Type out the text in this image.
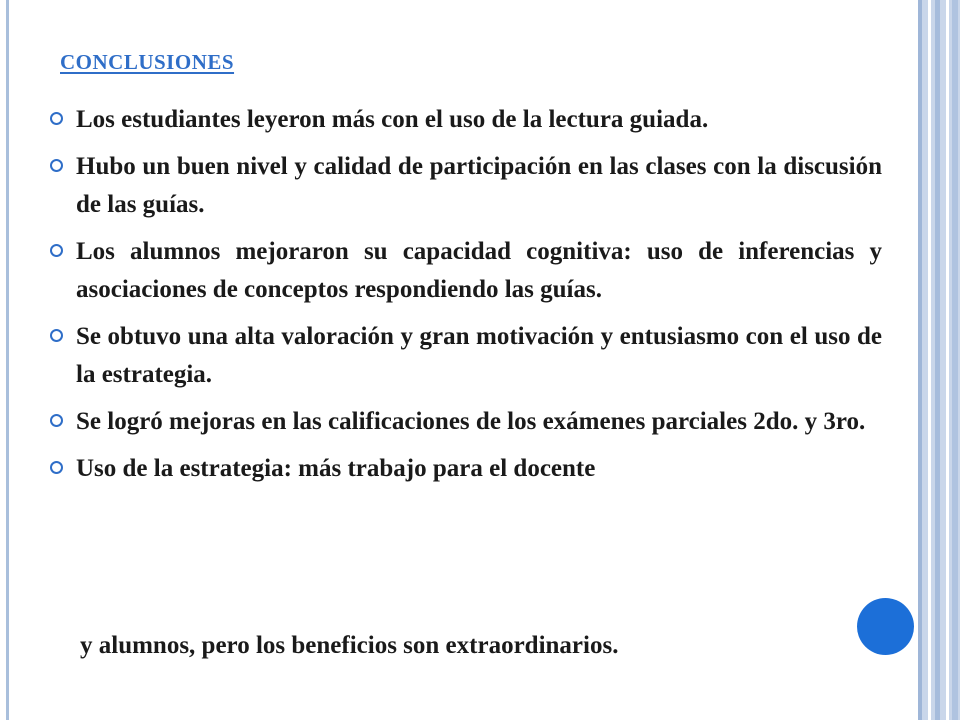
CONCLUSIONES
Los estudiantes leyeron más con el uso de la lectura guiada.
Hubo un buen nivel y calidad de participación en las clases con la discusión de las guías.
Los alumnos mejoraron su capacidad cognitiva: uso de inferencias y asociaciones de conceptos respondiendo las guías.
Se obtuvo una alta valoración y gran motivación y entusiasmo con el uso de la estrategia.
Se logró mejoras en las calificaciones de los exámenes parciales 2do. y 3ro.
Uso de la estrategia: más trabajo para el docente
y alumnos, pero los beneficios son extraordinarios.
